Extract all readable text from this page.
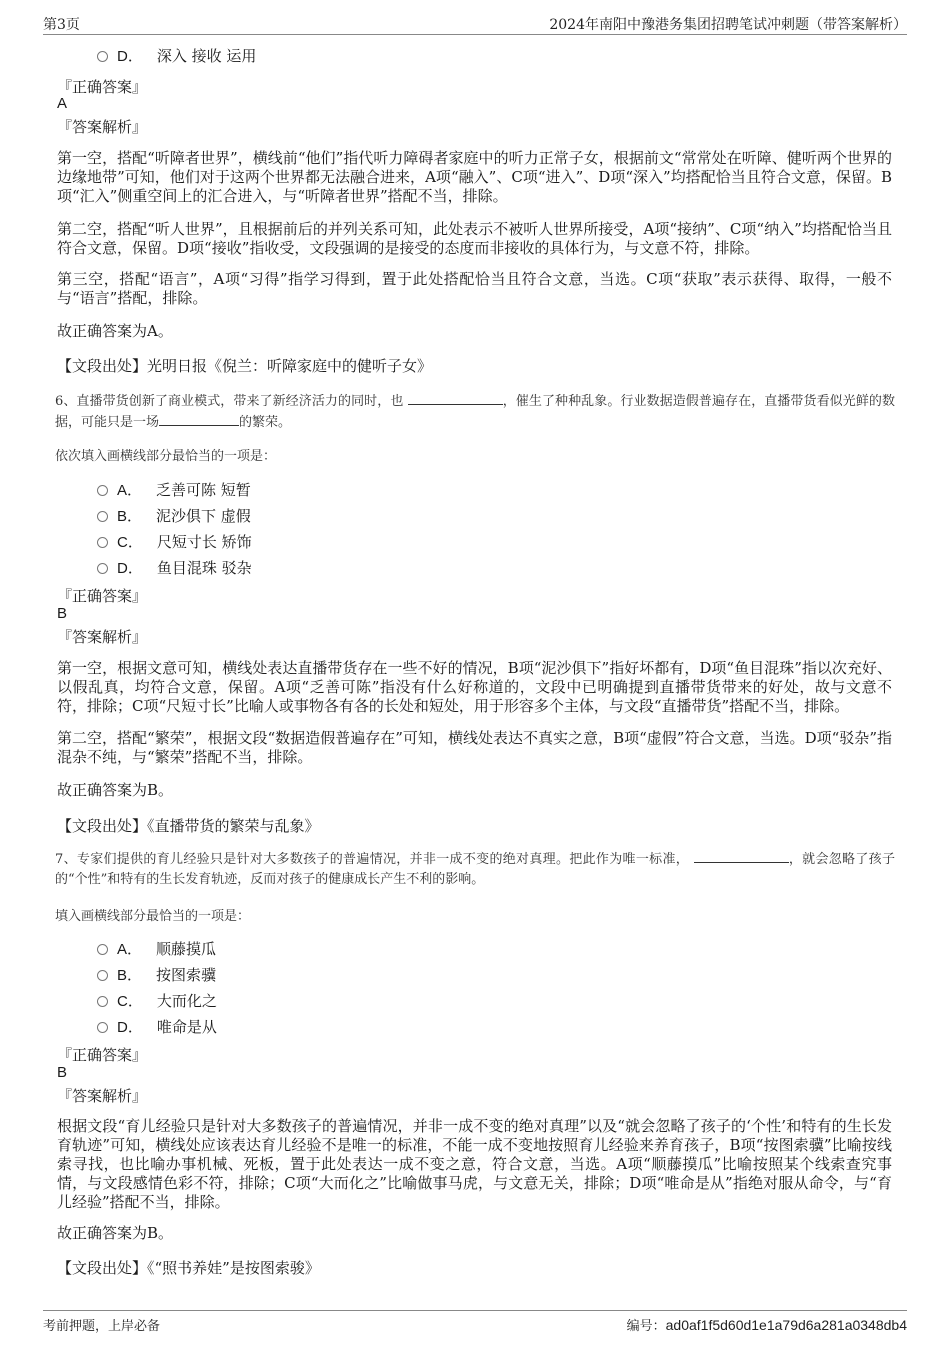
第3页	2024年南阳中豫港务集团招聘笔试冲刺题（带答案解析）
D． 深入 接收 运用
『正确答案』
A
『答案解析』
第一空，搭配“听障者世界”，横线前“他们”指代听力障碍者家庭中的听力正常子女，根据前文“常常处在听障、健听两个世界的边缘地带”可知，他们对于这两个世界都无法融合进来，A项“融入”、C项“进入”、D项“深入”均搭配恰当且符合文意，保留。B项“汇入”侧重空间上的汇合进入，与“听障者世界”搭配不当，排除。
第二空，搭配“听人世界”，且根据前后的并列关系可知，此处表示不被听人世界所接受，A项“接纳”、C项“纳入”均搭配恰当且符合文意，保留。D项“接收”指收受，文段强调的是接受的态度而非接收的具体行为，与文意不符，排除。
第三空，搭配“语言”，A项“习得”指学习得到，置于此处搭配恰当且符合文意，当选。C项“获取”表示获得、取得，一般不与“语言”搭配，排除。
故正确答案为A。
【文段出处】光明日报《倪兰：听障家庭中的健听子女》
6、直播带货创新了商业模式，带来了新经济活力的同时，也	，催生了种种乱象。行业数据造假普遍存在，直播带货看似光鲜的数据，可能只是一场	的繁荣。
依次填入画横线部分最恰当的一项是：
A． 乏善可陈 短暂
B． 泥沙俱下 虚假
C． 尺短寸长 矫饰
D． 鱼目混珠 驳杂
『正确答案』
B
『答案解析』
第一空，根据文意可知，横线处表达直播带货存在一些不好的情况，B项“泥沙俱下”指好坏都有，D项“鱼目混珠”指以次充好、以假乱真，均符合文意，保留。A项“乏善可陈”指没有什么好称道的，文段中已明确提到直播带货带来的好处，故与文意不符，排除；C项“尺短寸长”比喻人或事物各有各的长处和短处，用于形容多个主体，与文段“直播带货”搭配不当，排除。
第二空，搭配“繁荣”，根据文段“数据造假普遍存在”可知，横线处表达不真实之意，B项“虚假”符合文意，当选。D项“驳杂”指混杂不纯，与“繁荣”搭配不当，排除。
故正确答案为B。
【文段出处】《直播带货的繁荣与乱象》
7、专家们提供的育儿经验只是针对大多数孩子的普遍情况，并非一成不变的绝对真理。把此作为唯一标准，	，就会忽略了孩子的“个性”和特有的生长发育轨迹，反而对孩子的健康成长产生不利的影响。
填入画横线部分最恰当的一项是：
A． 顺藤摸瓜
B． 按图索骥
C． 大而化之
D． 唯命是从
『正确答案』
B
『答案解析』
根据文段“育儿经验只是针对大多数孩子的普遍情况，并非一成不变的绝对真理”以及“就会忽略了孩子的‘个性’和特有的生长发育轨迹”可知，横线处应该表达育儿经验不是唯一的标准，不能一成不变地按照育儿经验来养育孩子，B项“按图索骥”比喻按线索寻找，也比喻办事机械、死板，置于此处表达一成不变之意，符合文意，当选。A项“顺藤摸瓜”比喻按照某个线索查究事情，与文段感情色彩不符，排除；C项“大而化之”比喻做事马虎，与文意无关，排除；D项“唯命是从”指绝对服从命令，与“育儿经验”搭配不当，排除。
故正确答案为B。
【文段出处】《“照书养娃”是按图索骏》
考前押题，上岸必备	编号：ad0af1f5d60d1e1a79d6a281a0348db4
